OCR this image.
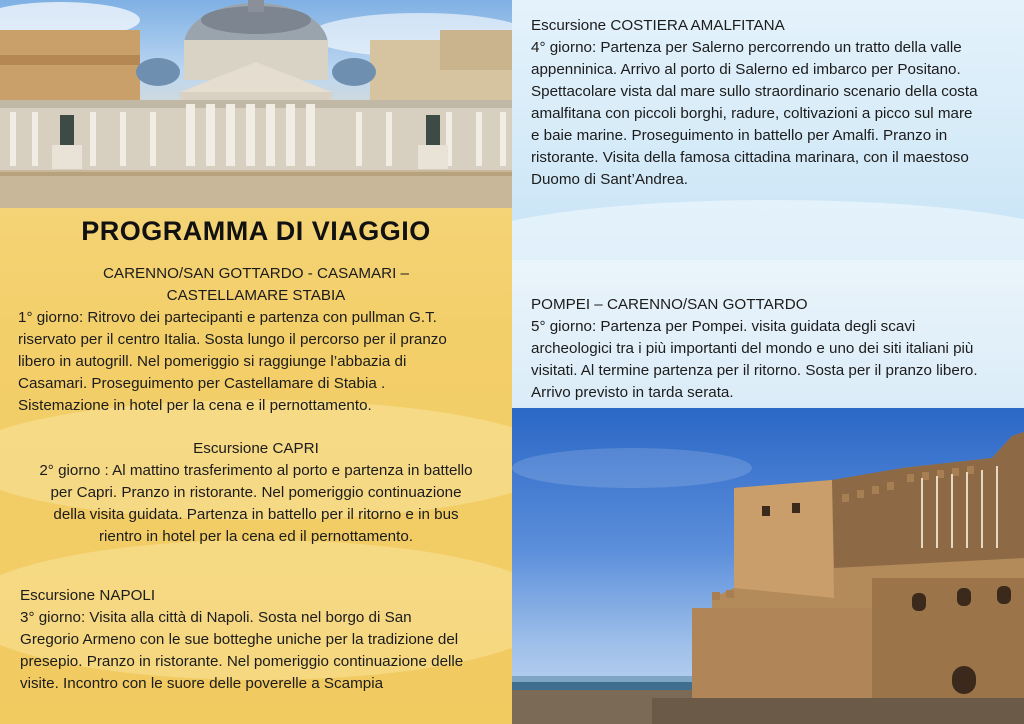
PROGRAMMA DI VIAGGIO
CARENNO/SAN GOTTARDO - CASAMARI –
CASTELLAMARE STABIA
1° giorno: Ritrovo dei partecipanti e partenza con pullman G.T.
riservato per il centro Italia. Sosta lungo il percorso per il pranzo
libero in autogrill. Nel pomeriggio si raggiunge l’abbazia di
Casamari. Proseguimento per Castellamare di Stabia .
Sistemazione in hotel per la cena e il pernottamento.
Escursione CAPRI
2° giorno : Al mattino trasferimento al porto e partenza in battello
per Capri. Pranzo in ristorante. Nel pomeriggio continuazione
della visita guidata. Partenza in battello per il ritorno e in bus
rientro in hotel per la cena ed il pernottamento.
Escursione NAPOLI
3° giorno: Visita alla città di Napoli. Sosta nel borgo di San
Gregorio Armeno con le sue botteghe uniche per la tradizione del
presepio. Pranzo in ristorante. Nel pomeriggio continuazione delle
visite. Incontro con le suore delle poverelle a Scampia
Escursione COSTIERA AMALFITANA
4° giorno: Partenza per Salerno percorrendo un tratto della valle
appenninica. Arrivo al porto di Salerno ed imbarco per Positano.
Spettacolare vista dal mare sullo straordinario scenario della costa
amalfitana con piccoli borghi, radure, coltivazioni a picco sul mare
e baie marine. Proseguimento in battello per Amalfi. Pranzo in
ristorante. Visita della famosa cittadina marinara, con il maestoso
Duomo di Sant’Andrea.
POMPEI – CARENNO/SAN GOTTARDO
5° giorno: Partenza per Pompei. visita guidata degli scavi
archeologici tra i più importanti del mondo e uno dei siti italiani più
visitati. Al termine partenza per il ritorno. Sosta per il pranzo libero.
Arrivo previsto in tarda serata.
